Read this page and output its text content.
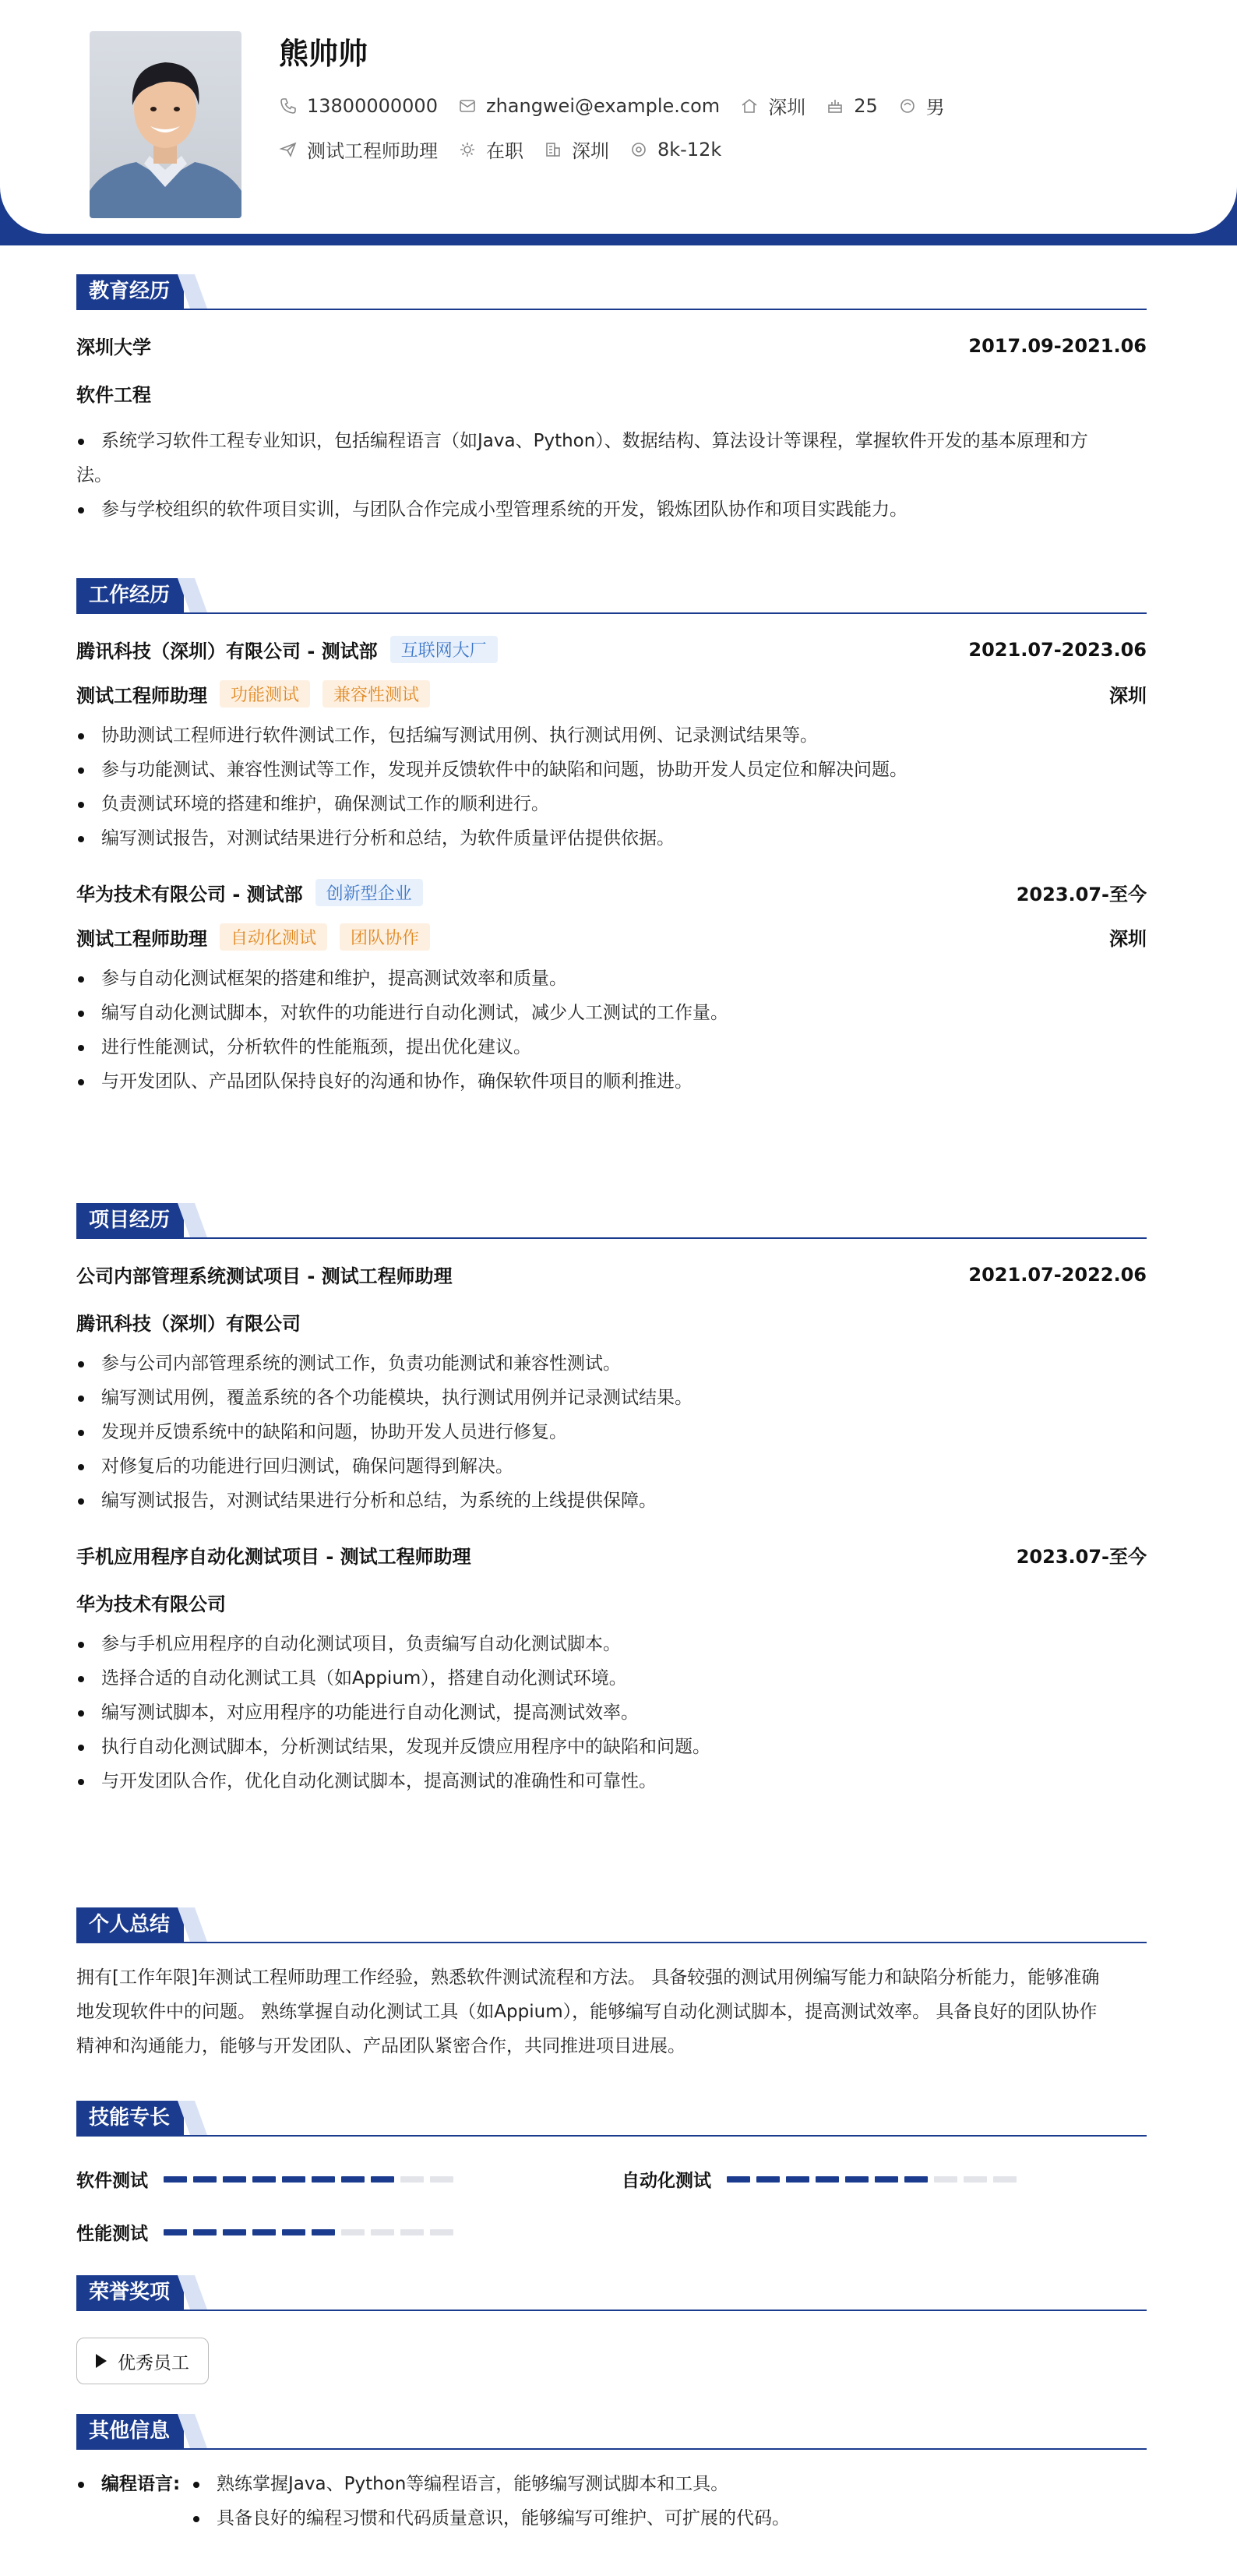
熊帅帅
13800000000	zhangwei@example.com	深圳	25	男
测试工程师助理	在职	深圳	8k-12k
教育经历
深圳大学	2017.09-2021.06
软件工程
系统学习软件工程专业知识，包括编程语言（如Java、Python）、数据结构、算法设计等课程，掌握软件开发的基本原理和方
法。
参与学校组织的软件项目实训，与团队合作完成小型管理系统的开发，锻炼团队协作和项目实践能力。
工作经历
腾讯科技（深圳）有限公司 - 测试部	互联网大厂	2021.07-2023.06
测试工程师助理	功能测试	兼容性测试	深圳
协助测试工程师进行软件测试工作，包括编写测试用例、执行测试用例、记录测试结果等。
参与功能测试、兼容性测试等工作，发现并反馈软件中的缺陷和问题，协助开发人员定位和解决问题。
负责测试环境的搭建和维护，确保测试工作的顺利进行。
编写测试报告，对测试结果进行分析和总结，为软件质量评估提供依据。
华为技术有限公司 - 测试部	创新型企业	2023.07-至今
测试工程师助理	自动化测试	团队协作	深圳
参与自动化测试框架的搭建和维护，提高测试效率和质量。
编写自动化测试脚本，对软件的功能进行自动化测试，减少人工测试的工作量。
进行性能测试，分析软件的性能瓶颈，提出优化建议。
与开发团队、产品团队保持良好的沟通和协作，确保软件项目的顺利推进。
项目经历
公司内部管理系统测试项目 - 测试工程师助理	2021.07-2022.06
腾讯科技（深圳）有限公司
参与公司内部管理系统的测试工作，负责功能测试和兼容性测试。
编写测试用例，覆盖系统的各个功能模块，执行测试用例并记录测试结果。
发现并反馈系统中的缺陷和问题，协助开发人员进行修复。
对修复后的功能进行回归测试，确保问题得到解决。
编写测试报告，对测试结果进行分析和总结，为系统的上线提供保障。
手机应用程序自动化测试项目 - 测试工程师助理	2023.07-至今
华为技术有限公司
参与手机应用程序的自动化测试项目，负责编写自动化测试脚本。
选择合适的自动化测试工具（如Appium），搭建自动化测试环境。
编写测试脚本，对应用程序的功能进行自动化测试，提高测试效率。
执行自动化测试脚本，分析测试结果，发现并反馈应用程序中的缺陷和问题。
与开发团队合作，优化自动化测试脚本，提高测试的准确性和可靠性。
个人总结
拥有[工作年限]年测试工程师助理工作经验，熟悉软件测试流程和方法。 具备较强的测试用例编写能力和缺陷分析能力，能够准确
地发现软件中的问题。 熟练掌握自动化测试工具（如Appium），能够编写自动化测试脚本，提高测试效率。 具备良好的团队协作
精神和沟通能力，能够与开发团队、产品团队紧密合作，共同推进项目进展。
技能专长
软件测试	自动化测试
性能测试
荣誉奖项
优秀员工
其他信息
编程语言:	熟练掌握Java、Python等编程语言，能够编写测试脚本和工具。
具备良好的编程习惯和代码质量意识，能够编写可维护、可扩展的代码。
